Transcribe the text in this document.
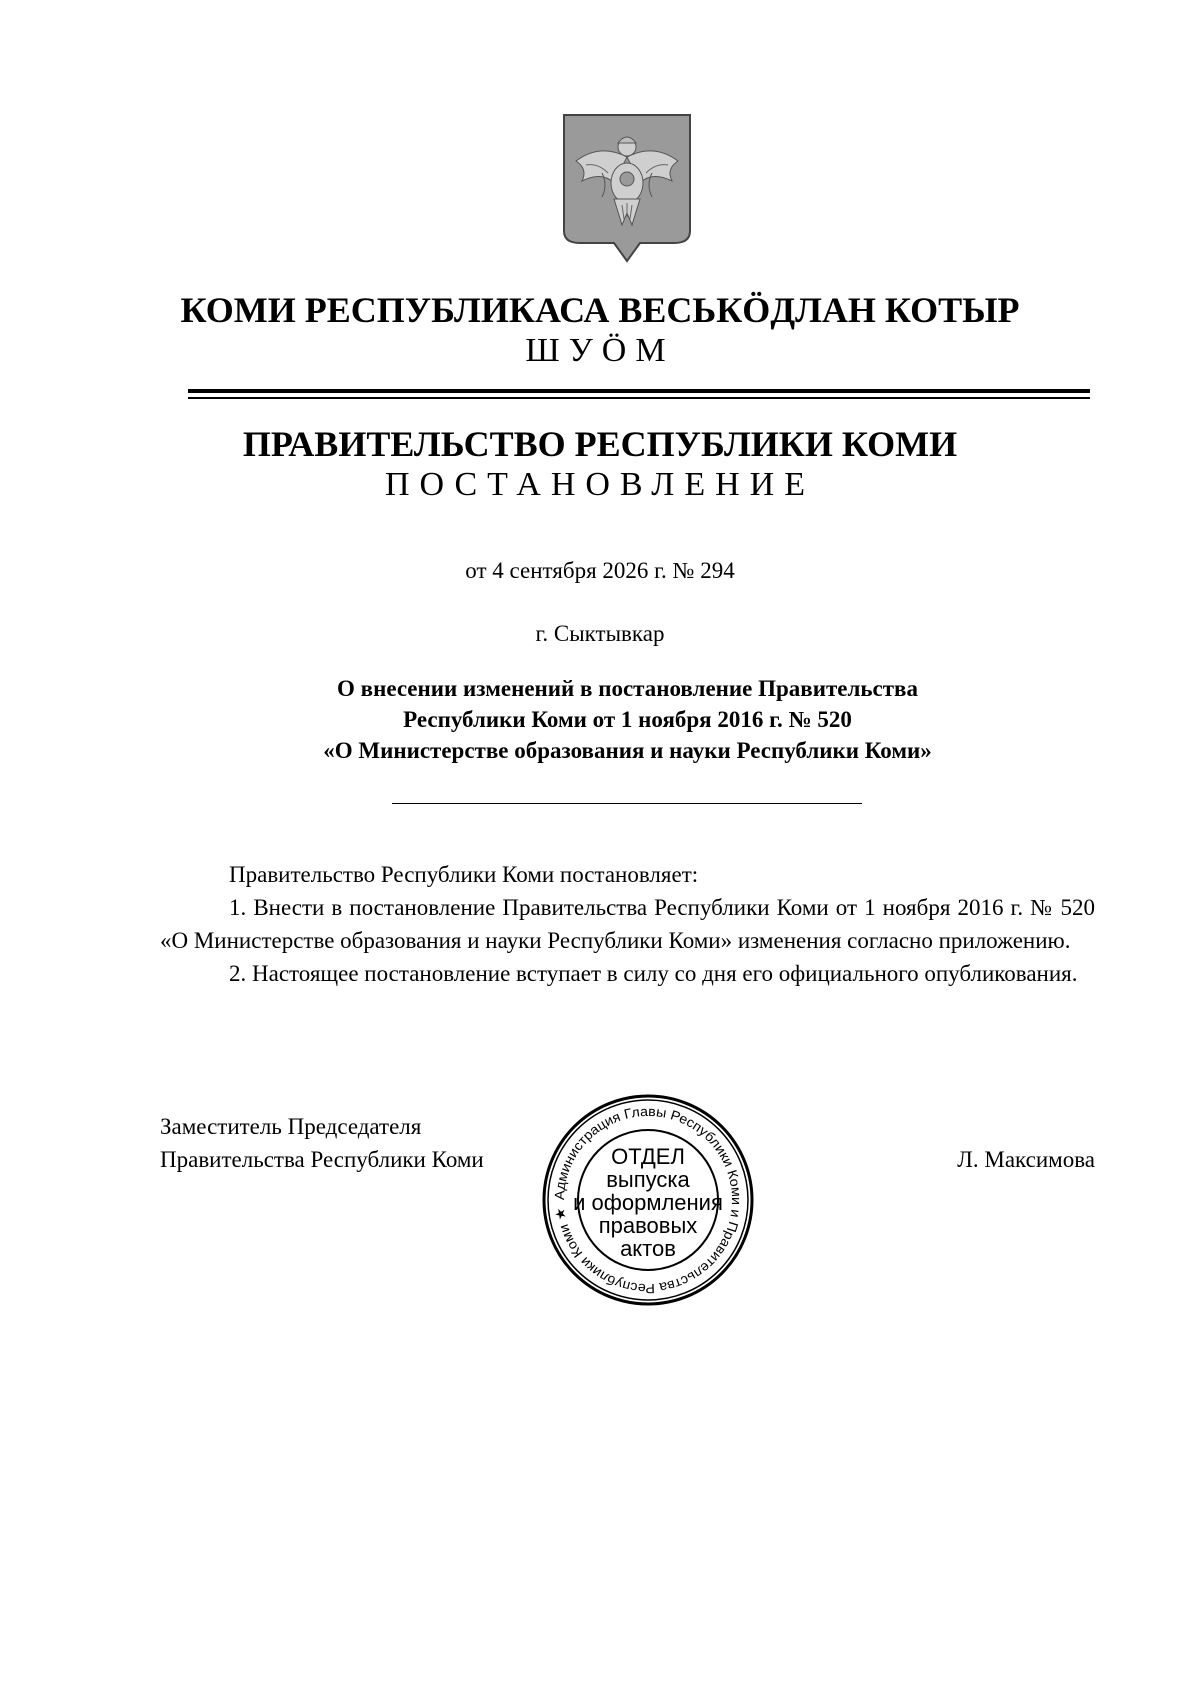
КОМИ РЕСПУБЛИКАСА ВЕСЬКӦДЛАН КОТЫР
ШУӦМ
ПРАВИТЕЛЬСТВО РЕСПУБЛИКИ КОМИ
ПОСТАНОВЛЕНИЕ
от 4 сентября 2026 г. № 294
г. Сыктывкар
О внесении изменений в постановление Правительства
Республики Коми от 1 ноября 2016 г. № 520
«О Министерстве образования и науки Республики Коми»

Правительство Республики Коми постановляет:

1. Внести в постановление Правительства Республики Коми от 1 ноября 2016 г. № 520 «О Министерстве образования и науки Республики Коми» изменения согласно приложению.

2. Настоящее постановление вступает в силу со дня его официального опубликования.

Заместитель Председателя
Правительства Республики Коми	Л. Максимова
Администрация Главы Республики Коми и Правительства Республики Коми ★
ОТДЕЛ
выпуска
и оформления
правовых
актов
